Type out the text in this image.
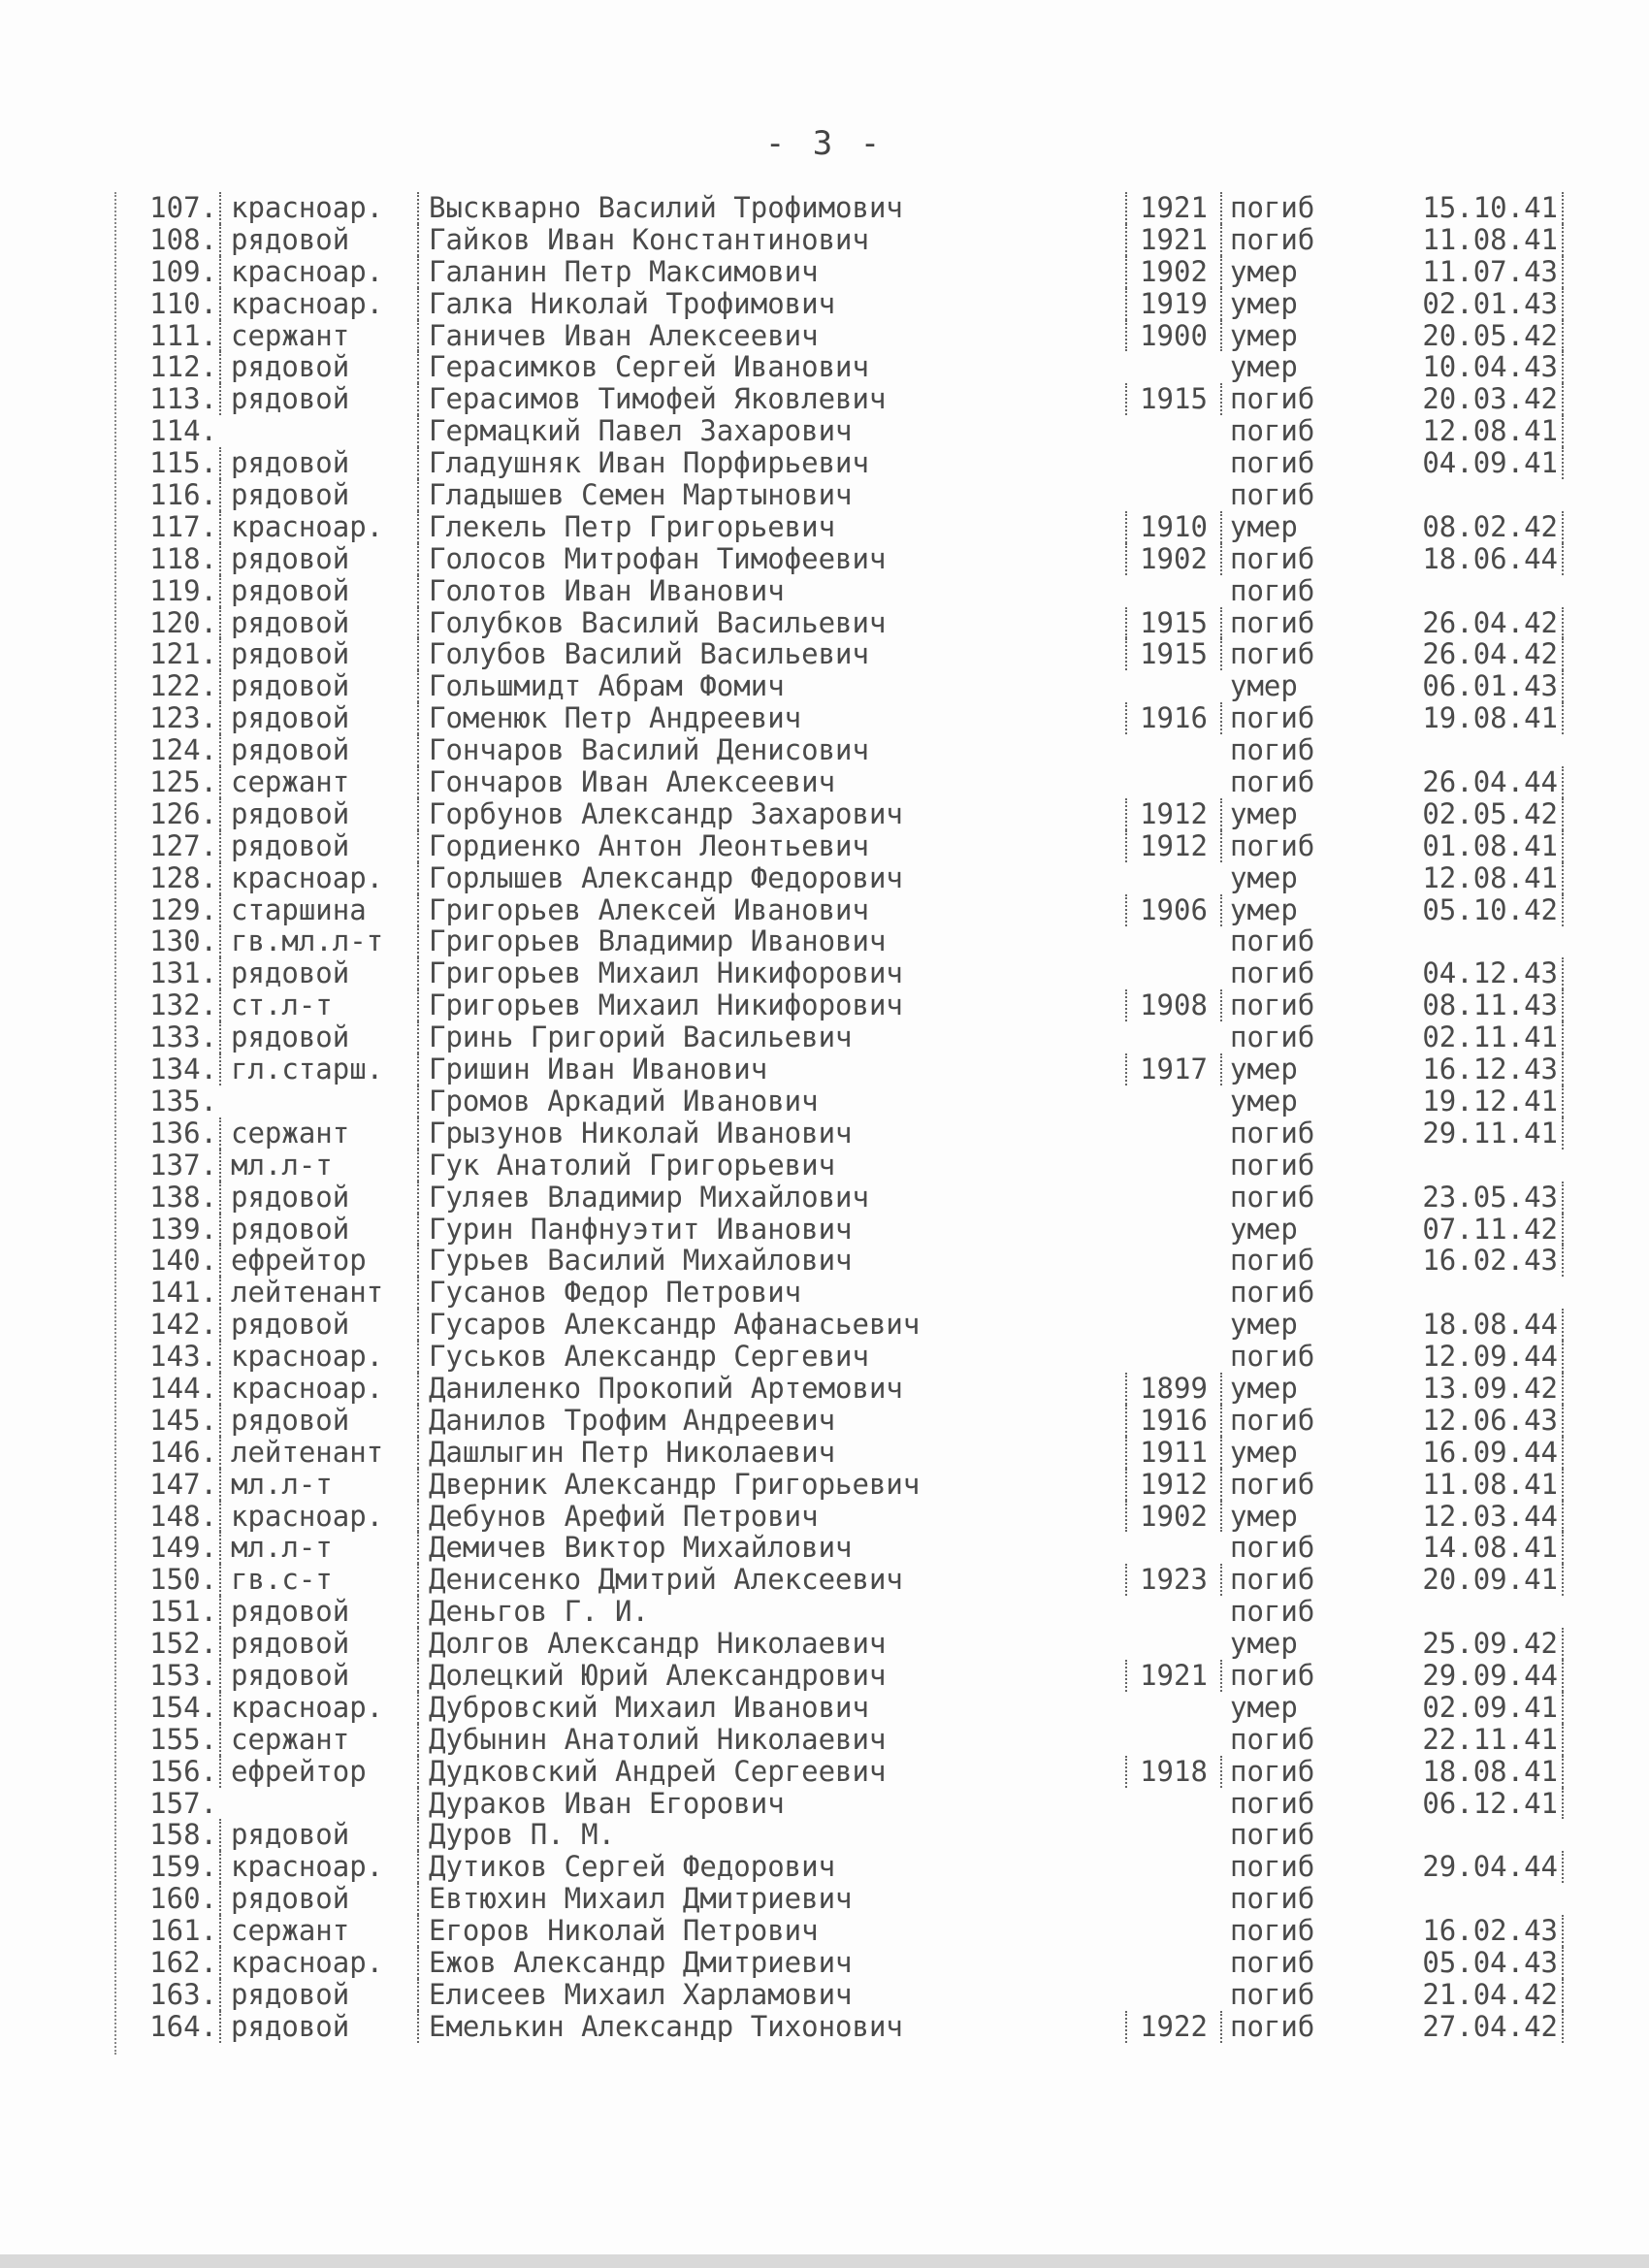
- 3 -
107. красноар.	Выскварно Василий Трофимович	1921 погиб	15.10.41
108. рядовой	Гайков Иван Константинович	1921 погиб	11.08.41
109. красноар.	Галанин Петр Максимович	1902 умер	11.07.43
110. красноар.	Галка Николай Трофимович	1919 умер	02.01.43
111. сержант	Ганичев Иван Алексеевич	1900 умер	20.05.42
112. рядовой	Герасимков Сергей Иванович	умер	10.04.43
113. рядовой	Герасимов Тимофей Яковлевич	1915 погиб	20.03.42
114.	Гермацкий Павел Захарович	погиб	12.08.41
115. рядовой	Гладушняк Иван Порфирьевич	погиб	04.09.41
116. рядовой	Гладышев Семен Мартынович	погиб
117. красноар.	Глекель Петр Григорьевич	1910 умер	08.02.42
118. рядовой	Голосов Митрофан Тимофеевич	1902 погиб	18.06.44
119. рядовой	Голотов Иван Иванович	погиб
120. рядовой	Голубков Василий Васильевич	1915 погиб	26.04.42
121. рядовой	Голубов Василий Васильевич	1915 погиб	26.04.42
122. рядовой	Гольшмидт Абрам Фомич	умер	06.01.43
123. рядовой	Гоменюк Петр Андреевич	1916 погиб	19.08.41
124. рядовой	Гончаров Василий Денисович	погиб
125. сержант	Гончаров Иван Алексеевич	погиб	26.04.44
126. рядовой	Горбунов Александр Захарович	1912 умер	02.05.42
127. рядовой	Гордиенко Антон Леонтьевич	1912 погиб	01.08.41
128. красноар.	Горлышев Александр Федорович	умер	12.08.41
129. старшина	Григорьев Алексей Иванович	1906 умер	05.10.42
130. гв.мл.л-т	Григорьев Владимир Иванович	погиб
131. рядовой	Григорьев Михаил Никифорович	погиб	04.12.43
132. ст.л-т	Григорьев Михаил Никифорович	1908 погиб	08.11.43
133. рядовой	Гринь Григорий Васильевич	погиб	02.11.41
134. гл.старш.	Гришин Иван Иванович	1917 умер	16.12.43
135.	Громов Аркадий Иванович	умер	19.12.41
136. сержант	Грызунов Николай Иванович	погиб	29.11.41
137. мл.л-т	Гук Анатолий Григорьевич	погиб
138. рядовой	Гуляев Владимир Михайлович	погиб	23.05.43
139. рядовой	Гурин Панфнуэтит Иванович	умер	07.11.42
140. ефрейтор	Гурьев Василий Михайлович	погиб	16.02.43
141. лейтенант	Гусанов Федор Петрович	погиб
142. рядовой	Гусаров Александр Афанасьевич	умер	18.08.44
143. красноар.	Гуськов Александр Сергевич	погиб	12.09.44
144. красноар.	Даниленко Прокопий Артемович	1899 умер	13.09.42
145. рядовой	Данилов Трофим Андреевич	1916 погиб	12.06.43
146. лейтенант	Дашлыгин Петр Николаевич	1911 умер	16.09.44
147. мл.л-т	Дверник Александр Григорьевич	1912 погиб	11.08.41
148. красноар.	Дебунов Арефий Петрович	1902 умер	12.03.44
149. мл.л-т	Демичев Виктор Михайлович	погиб	14.08.41
150. гв.с-т	Денисенко Дмитрий Алексеевич	1923 погиб	20.09.41
151. рядовой	Деньгов Г. И.	погиб
152. рядовой	Долгов Александр Николаевич	умер	25.09.42
153. рядовой	Долецкий Юрий Александрович	1921 погиб	29.09.44
154. красноар.	Дубровский Михаил Иванович	умер	02.09.41
155. сержант	Дубынин Анатолий Николаевич	погиб	22.11.41
156. ефрейтор	Дудковский Андрей Сергеевич	1918 погиб	18.08.41
157.	Дураков Иван Егорович	погиб	06.12.41
158. рядовой	Дуров П. М.	погиб
159. красноар.	Дутиков Сергей Федорович	погиб	29.04.44
160. рядовой	Евтюхин Михаил Дмитриевич	погиб
161. сержант	Егоров Николай Петрович	погиб	16.02.43
162. красноар.	Ежов Александр Дмитриевич	погиб	05.04.43
163. рядовой	Елисеев Михаил Харламович	погиб	21.04.42
164. рядовой	Емелькин Александр Тихонович	1922 погиб	27.04.42
